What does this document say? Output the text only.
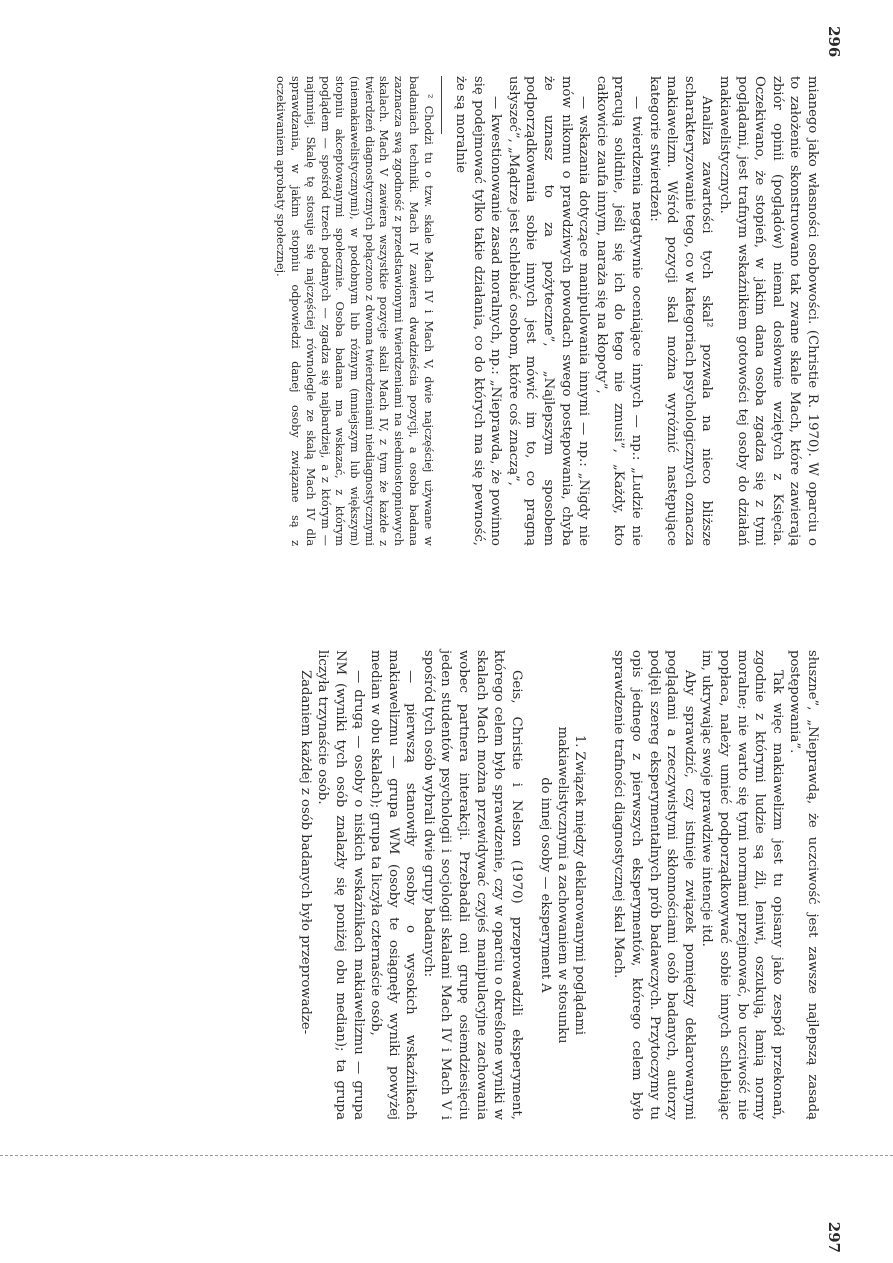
296

mianego jako własności osobowości. (Christie R. 1970). W oparciu o to założenie skonstruowano tak zwane skale Mach, które zawierają zbiór opinii (poglądów) niemal dosłownie wziętych z Księcia. Oczekiwano, że stopień, w jakim dana osoba zgadza się z tymi poglądami, jest trafnym wskaźnikiem gotowości tej osoby do działań makiawelistycznych.

Analiza zawartości tych skal² pozwala na nieco bliższe scharakteryzowanie tego, co w kategoriach psychologicznych oznacza makiawelizm. Wśród pozycji skal można wyróżnić następujące kategorie stwierdzeń:

— twierdzenia negatywnie oceniające innych — np.: „Ludzie nie pracują solidnie, jeśli się ich do tego nie zmusi”, „Każdy, kto całkowicie zaufa innym, naraża się na kłopoty”,

— wskazania dotyczące manipulowania innymi — np.: „Nigdy nie mów nikomu o prawdziwych powodach swego postępowania, chyba że uznasz to za pożyteczne”, „Najlepszym sposobem podporządkowania sobie innych jest mówić im to, co pragną usłyszeć”, „Mądrze jest schlebiać osobom, które coś znaczą”,

— kwestionowanie zasad moralnych, np.: „Nieprawda, że powinno się podejmować tylko takie działania, co do których ma się pewność, że są moralnie

² Chodzi tu o tzw. skale Mach IV i Mach V, dwie najczęściej używane w badaniach techniki. Mach IV zawiera dwadzieścia pozycji, a osoba badana zaznacza swą zgodność z przedstawionymi twierdzeniami na siedmiostopniowych skalach. Mach V zawiera wszystkie pozycje skali Mach IV, z tym że każde z twierdzeń diagnostycznych połączono z dwoma twierdzeniami niediagnostycznymi (niemakiawelistycznymi), w podobnym lub różnym (mniejszym lub większym) stopniu akceptowanymi społecznie. Osoba badana ma wskazać, z którym poglądem — spośród trzech podanych — zgadza się najbardziej, a z którym — najmniej. Skalę tę stosuje się najczęściej równolegle ze skalą Mach IV dla sprawdzania, w jakim stopniu odpowiedzi danej osoby związane są z oczekiwaniem aprobaty społecznej.

297

słuszne”, „Nieprawdą, że uczciwość jest zawsze najlepszą zasadą postępowania”.

Tak więc makiawelizm jest tu opisany jako zespół przekonań, zgodnie z którymi ludzie są źli, leniwi, oszukują, łamią normy moralne; nie warto się tymi normami przejmować, bo uczciwość nie popłaca, należy umieć podporządkowywać sobie innych schlebiając im, ukrywając swoje prawdziwe intencje itd.

Aby sprawdzić, czy istnieje związek pomiędzy deklarowanymi poglądami a rzeczywistymi skłonnościami osób badanych, autorzy podjęli szereg eksperymentalnych prób badawczych. Przytoczymy tu opis jednego z pierwszych eksperymentów, którego celem było sprawdzenie trafności diagnostycznej skal Mach.

1. Związek między deklarowanymi poglądami
makiawelistycznymi a zachowaniem w stosunku
do innej osoby — eksperyment A

Geis, Christie i Nelson (1970) przeprowadzili eksperyment, którego celem było sprawdzenie, czy w oparciu o określone wyniki w skalach Mach można przewidywać czyjeś manipulacyjne zachowania wobec partnera interakcji. Przebadali oni grupę osiemdziesięciu jeden studentów psychologii i socjologii skalami Mach IV i Mach V i spośród tych osób wybrali dwie grupy badanych:

— pierwszą stanowiły osoby o wysokich wskaźnikach makiawelizmu — grupa WM (osoby te osiągnęły wyniki powyżej median w obu skalach); grupa ta liczyła czternaście osób,

— drugą — osoby o niskich wskaźnikach makiawelizmu — grupa NM (wyniki tych osób znalazły się poniżej obu median); ta grupa liczyła trzynaście osób.

Zadaniem każdej z osób badanych było przeprowadze-
